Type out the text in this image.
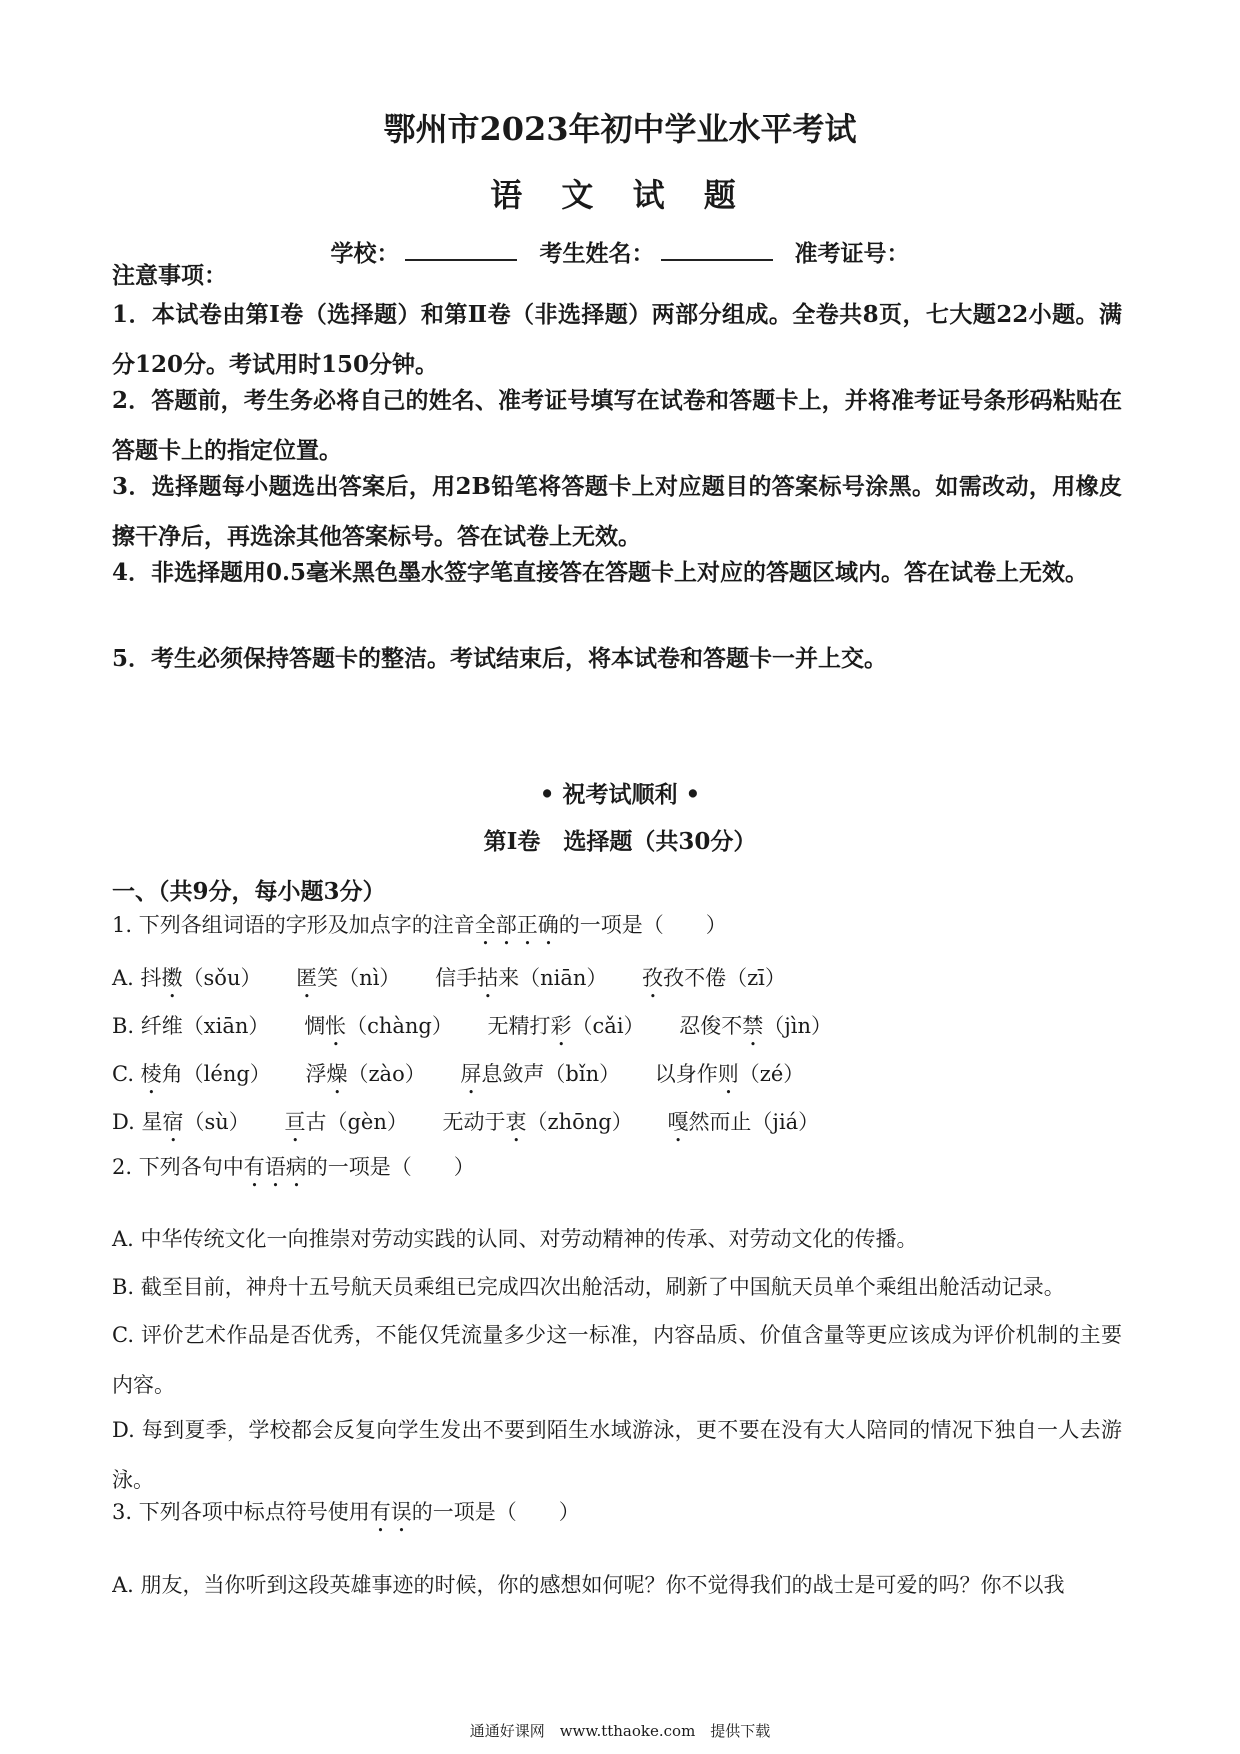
鄂州市2023年初中学业水平考试
语 文 试 题
学校：	考生姓名：	准考证号：
注意事项：
1．本试卷由第Ⅰ卷（选择题）和第Ⅱ卷（非选择题）两部分组成。全卷共8页，七大题22小题。满分120分。考试用时150分钟。
2．答题前，考生务必将自己的姓名、准考证号填写在试卷和答题卡上，并将准考证号条形码粘贴在答题卡上的指定位置。
3．选择题每小题选出答案后，用2B铅笔将答题卡上对应题目的答案标号涂黑。如需改动，用橡皮擦干净后，再选涂其他答案标号。答在试卷上无效。
4．非选择题用0.5毫米黑色墨水签字笔直接答在答题卡上对应的答题区域内。答在试卷上无效。
5．考生必须保持答题卡的整洁。考试结束后，将本试卷和答题卡一并上交。
• 祝考试顺利 •
第Ⅰ卷　选择题（共30分）
一、（共9分，每小题3分）
1. 下列各组词语的字形及加点字的注音全部正确的一项是（　　）
A. 抖擞（sǒu） 匿笑（nì） 信手拈来（niān） 孜孜不倦（zī）
B. 纤维（xiān） 惆怅（chàng） 无精打彩（cǎi） 忍俊不禁（jìn）
C. 棱角（léng） 浮燥（zào） 屏息敛声（bǐn） 以身作则（zé）
D. 星宿（sù） 亘古（gèn） 无动于衷（zhōng） 嘎然而止（jiá）
2. 下列各句中有语病的一项是（　　）
A. 中华传统文化一向推崇对劳动实践的认同、对劳动精神的传承、对劳动文化的传播。
B. 截至目前，神舟十五号航天员乘组已完成四次出舱活动，刷新了中国航天员单个乘组出舱活动记录。
C. 评价艺术作品是否优秀，不能仅凭流量多少这一标准，内容品质、价值含量等更应该成为评价机制的主要内容。
D. 每到夏季，学校都会反复向学生发出不要到陌生水域游泳，更不要在没有大人陪同的情况下独自一人去游泳。
3. 下列各项中标点符号使用有误的一项是（　　）
A. 朋友，当你听到这段英雄事迹的时候，你的感想如何呢？你不觉得我们的战士是可爱的吗？你不以我
通通好课网　www.tthaoke.com　提供下载
